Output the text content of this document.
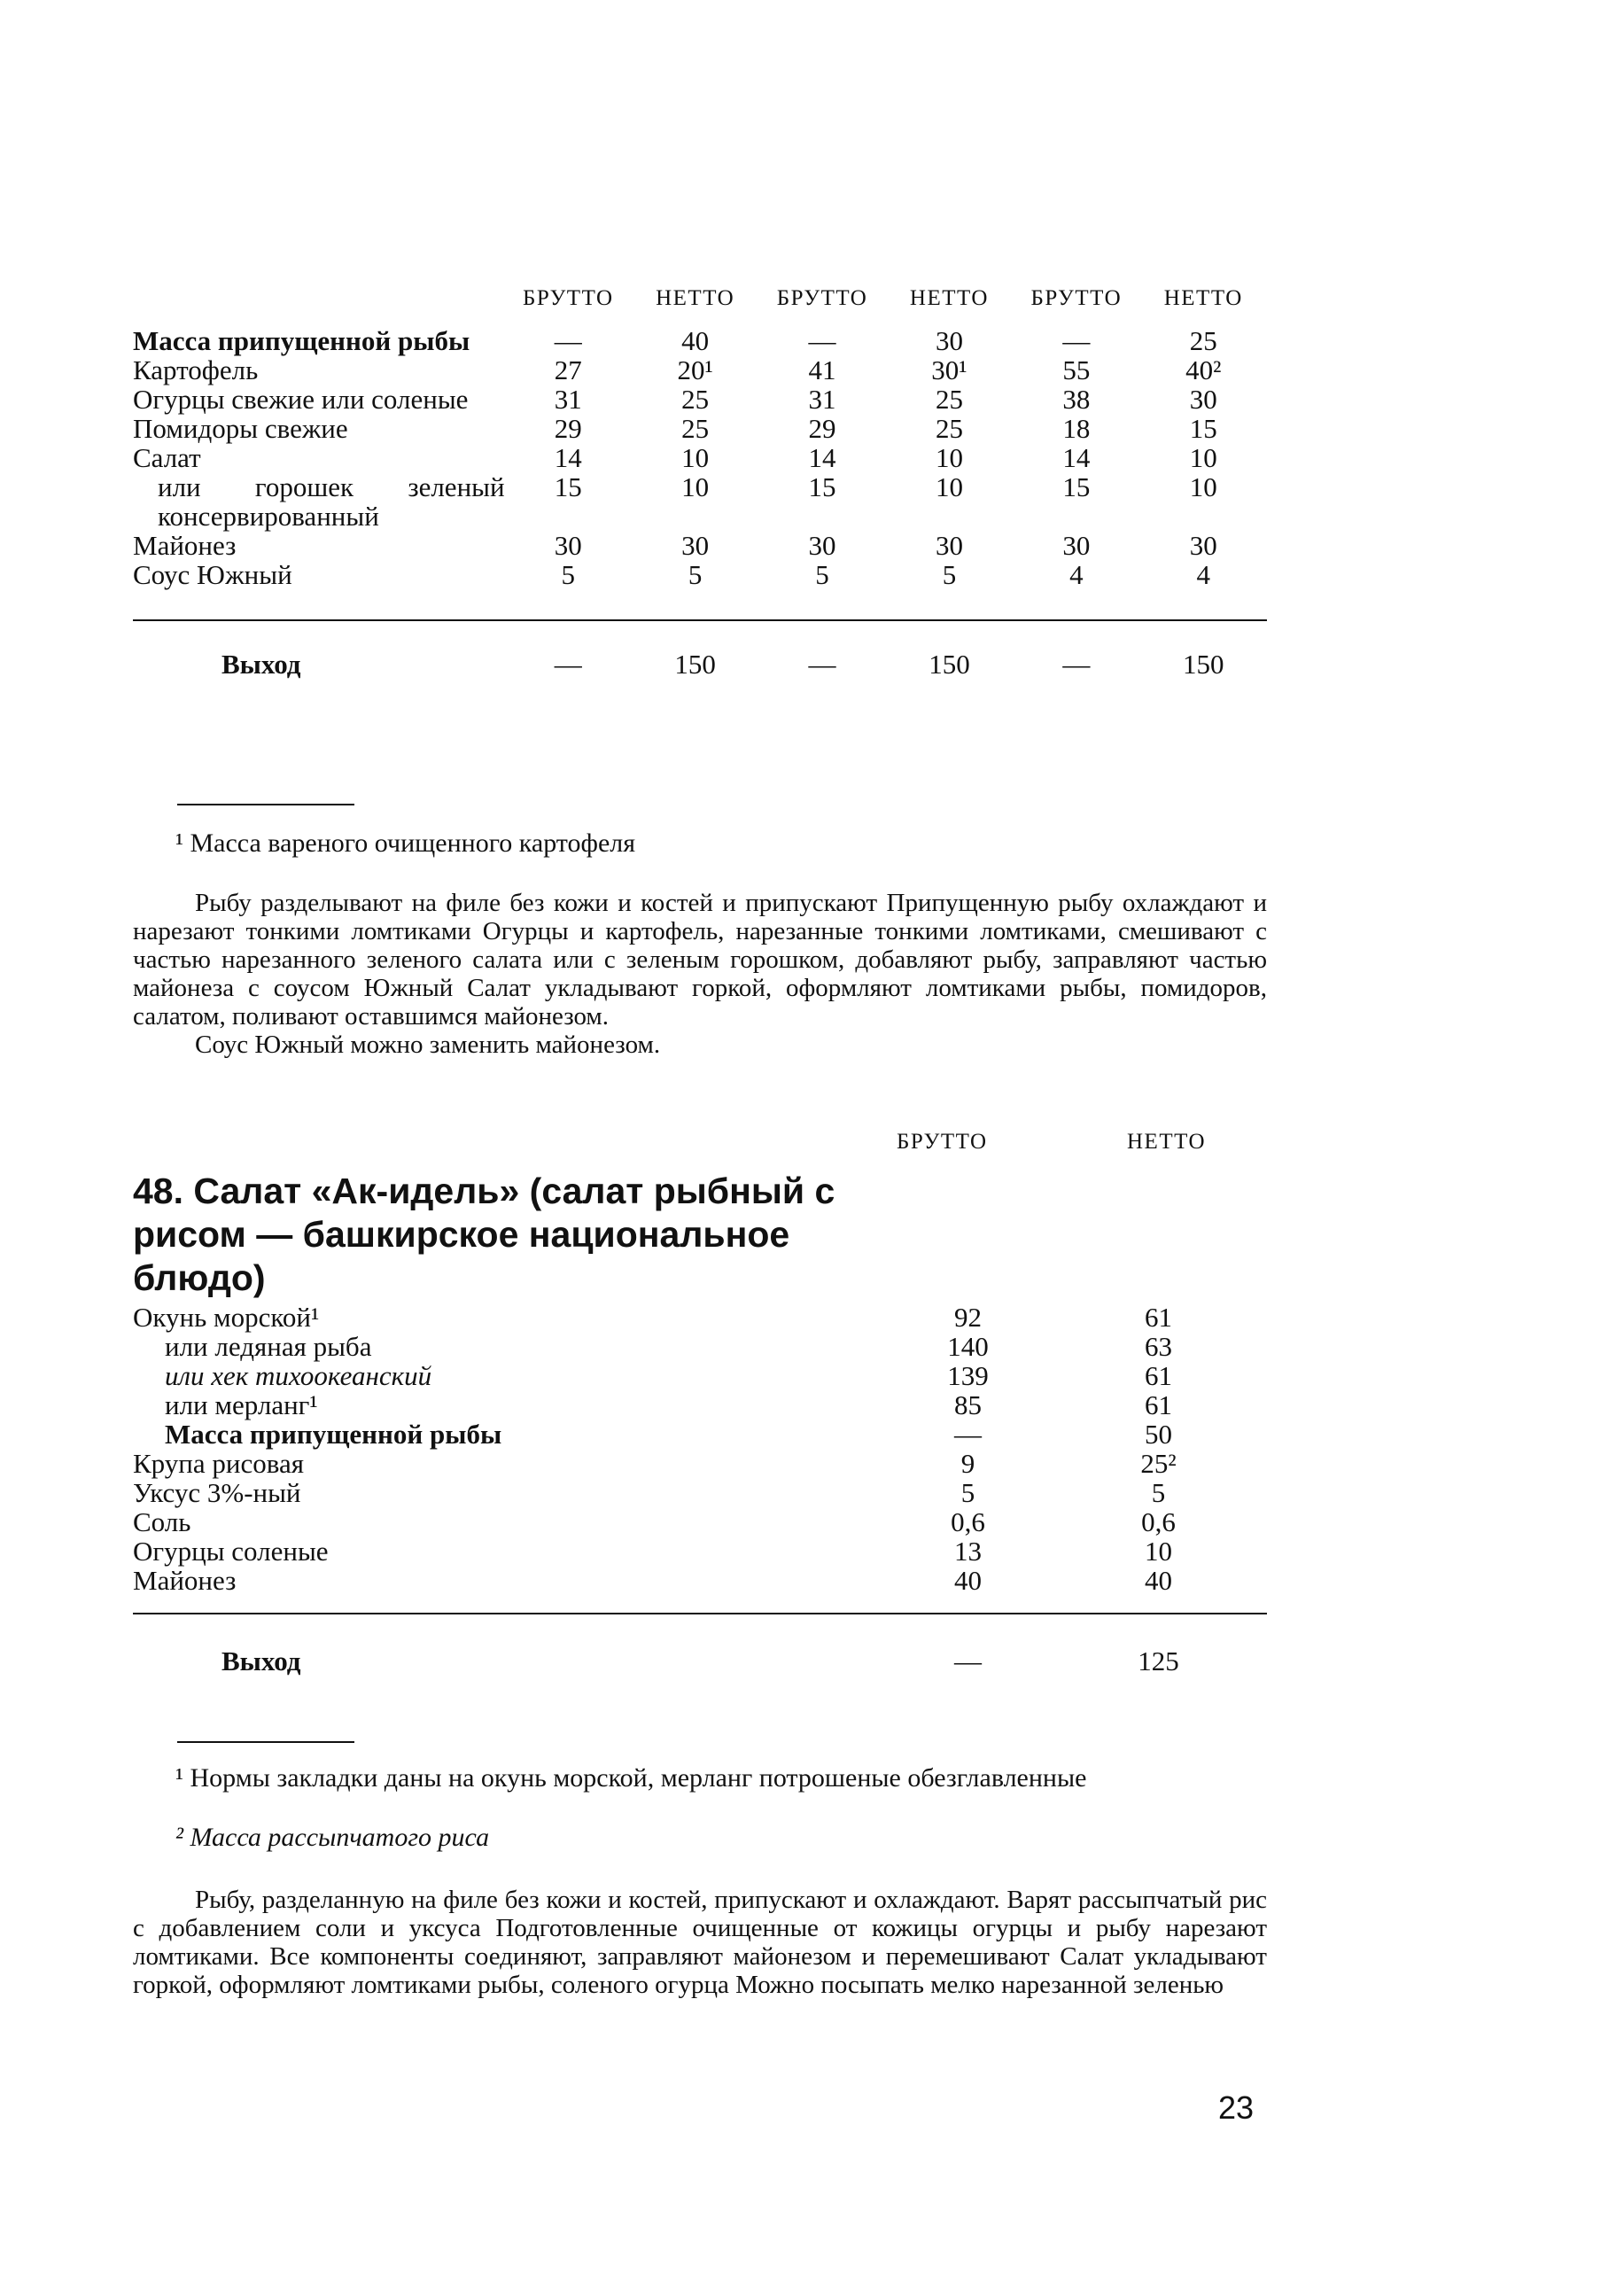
	БРУТТО	НЕТТО	БРУТТО	НЕТТО	БРУТТО	НЕТТО
Масса припущенной рыбы	—	40	—	30	—	25
Картофель	27	20¹	41	30¹	55	40²
Огурцы свежие или соленые	31	25	31	25	38	30
Помидоры свежие	29	25	29	25	18	15
Салат	14	10	14	10	14	10
или горошек зеленый консервированный	15	10	15	10	15	10
Майонез	30	30	30	30	30	30
Соус Южный	5	5	5	5	4	4

Выход	—	150	—	150	—	150
¹ Масса вареного очищенного картофеля

Рыбу разделывают на филе без кожи и костей и припускают Припущенную рыбу охлаждают и нарезают тонкими ломтиками Огурцы и картофель, нарезанные тонкими ломтиками, смешивают с частью нарезанного зеленого салата или с зеленым горошком, добавляют рыбу, заправляют частью майонеза с соусом Южный Салат укладывают горкой, оформляют ломтиками рыбы, помидоров, салатом, поливают оставшимся майонезом.

Соус Южный можно заменить майонезом.

БРУТТО	НЕТТО
48. Салат «Ак-идель» (салат рыбный с рисом — башкирское национальное блюдо)
Окунь морской¹	92	61
или ледяная рыба	140	63
или хек тихоокеанский	139	61
или мерланг¹	85	61
Масса припущенной рыбы	—	50
Крупа рисовая	9	25²
Уксус 3%-ный	5	5
Соль	0,6	0,6
Огурцы соленые	13	10
Майонез	40	40

Выход	—	125
¹ Нормы закладки даны на окунь морской, мерланг потрошеные обезглавленные
² Масса рассыпчатого риса

Рыбу, разделанную на филе без кожи и костей, припускают и охлаждают. Варят рассыпчатый рис с добавлением соли и уксуса Подготовленные очищенные от кожицы огурцы и рыбу нарезают ломтиками. Все компоненты соединяют, заправляют майонезом и перемешивают Салат укладывают горкой, оформляют ломтиками рыбы, соленого огурца Можно посыпать мелко нарезанной зеленью

23
